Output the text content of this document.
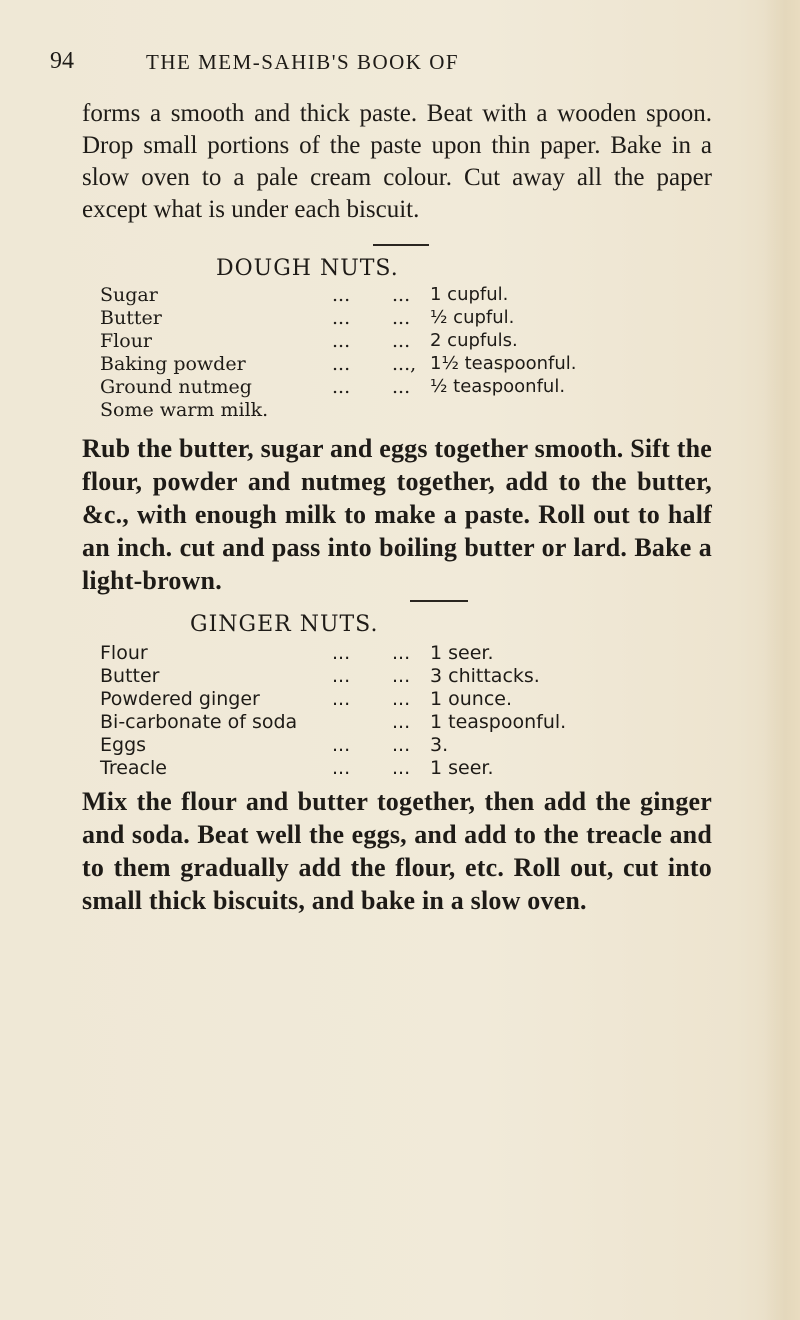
94	THE MEM-SAHIB'S BOOK OF

forms a smooth and thick paste. Beat with a wooden spoon. Drop small portions of the paste upon thin paper. Bake in a slow oven to a pale cream colour. Cut away all the paper except what is under each biscuit.

DOUGH NUTS.
Sugar	... ... 1 cupful.
Butter	... ... ½ cupful.
Flour	... ... 2 cupfuls.
Baking powder	... ..., 1½ teaspoonful.
Ground nutmeg	... ... ½ teaspoonful.
Some warm milk.

Rub the butter, sugar and eggs together smooth. Sift the flour, powder and nutmeg together, add to the butter, &c., with enough milk to make a paste. Roll out to half an inch. cut and pass into boiling butter or lard. Bake a light-brown.

GINGER NUTS.
Flour	... ... 1 seer.
Butter	... ... 3 chittacks.
Powdered ginger	... ... 1 ounce.
Bi-carbonate of soda	... 1 teaspoonful.
Eggs	... ... 3.
Treacle	... ... 1 seer.

Mix the flour and butter together, then add the ginger and soda. Beat well the eggs, and add to the treacle and to them gradually add the flour, etc. Roll out, cut into small thick biscuits, and bake in a slow oven.
